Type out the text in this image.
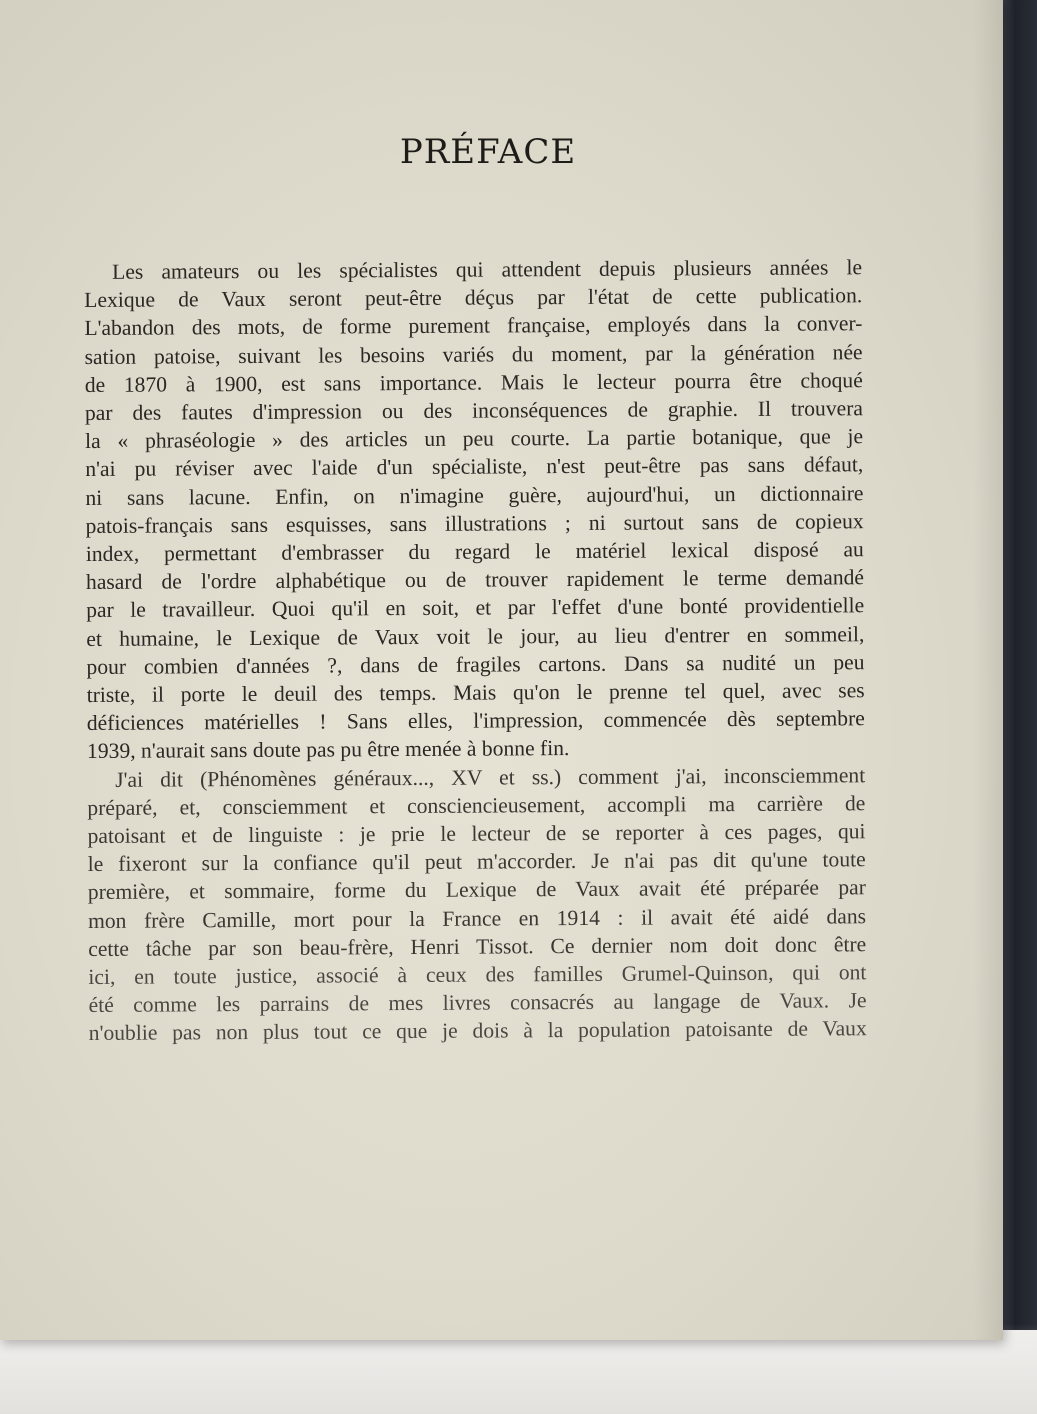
PRÉFACE
Les amateurs ou les spécialistes qui attendent depuis plusieurs années le
Lexique de Vaux seront peut-être déçus par l'état de cette publication.
L'abandon des mots, de forme purement française, employés dans la conver-
sation patoise, suivant les besoins variés du moment, par la génération née
de 1870 à 1900, est sans importance. Mais le lecteur pourra être choqué
par des fautes d'impression ou des inconséquences de graphie. Il trouvera
la « phraséologie » des articles un peu courte. La partie botanique, que je
n'ai pu réviser avec l'aide d'un spécialiste, n'est peut-être pas sans défaut,
ni sans lacune. Enfin, on n'imagine guère, aujourd'hui, un dictionnaire
patois-français sans esquisses, sans illustrations ; ni surtout sans de copieux
index, permettant d'embrasser du regard le matériel lexical disposé au
hasard de l'ordre alphabétique ou de trouver rapidement le terme demandé
par le travailleur. Quoi qu'il en soit, et par l'effet d'une bonté providentielle
et humaine, le Lexique de Vaux voit le jour, au lieu d'entrer en sommeil,
pour combien d'années ?, dans de fragiles cartons. Dans sa nudité un peu
triste, il porte le deuil des temps. Mais qu'on le prenne tel quel, avec ses
déficiences matérielles ! Sans elles, l'impression, commencée dès septembre
1939, n'aurait sans doute pas pu être menée à bonne fin.
J'ai dit (Phénomènes généraux..., XV et ss.) comment j'ai, inconsciemment
préparé, et, consciemment et consciencieusement, accompli ma carrière de
patoisant et de linguiste : je prie le lecteur de se reporter à ces pages, qui
le fixeront sur la confiance qu'il peut m'accorder. Je n'ai pas dit qu'une toute
première, et sommaire, forme du Lexique de Vaux avait été préparée par
mon frère Camille, mort pour la France en 1914 : il avait été aidé dans
cette tâche par son beau-frère, Henri Tissot. Ce dernier nom doit donc être
ici, en toute justice, associé à ceux des familles Grumel-Quinson, qui ont
été comme les parrains de mes livres consacrés au langage de Vaux. Je
n'oublie pas non plus tout ce que je dois à la population patoisante de Vaux
